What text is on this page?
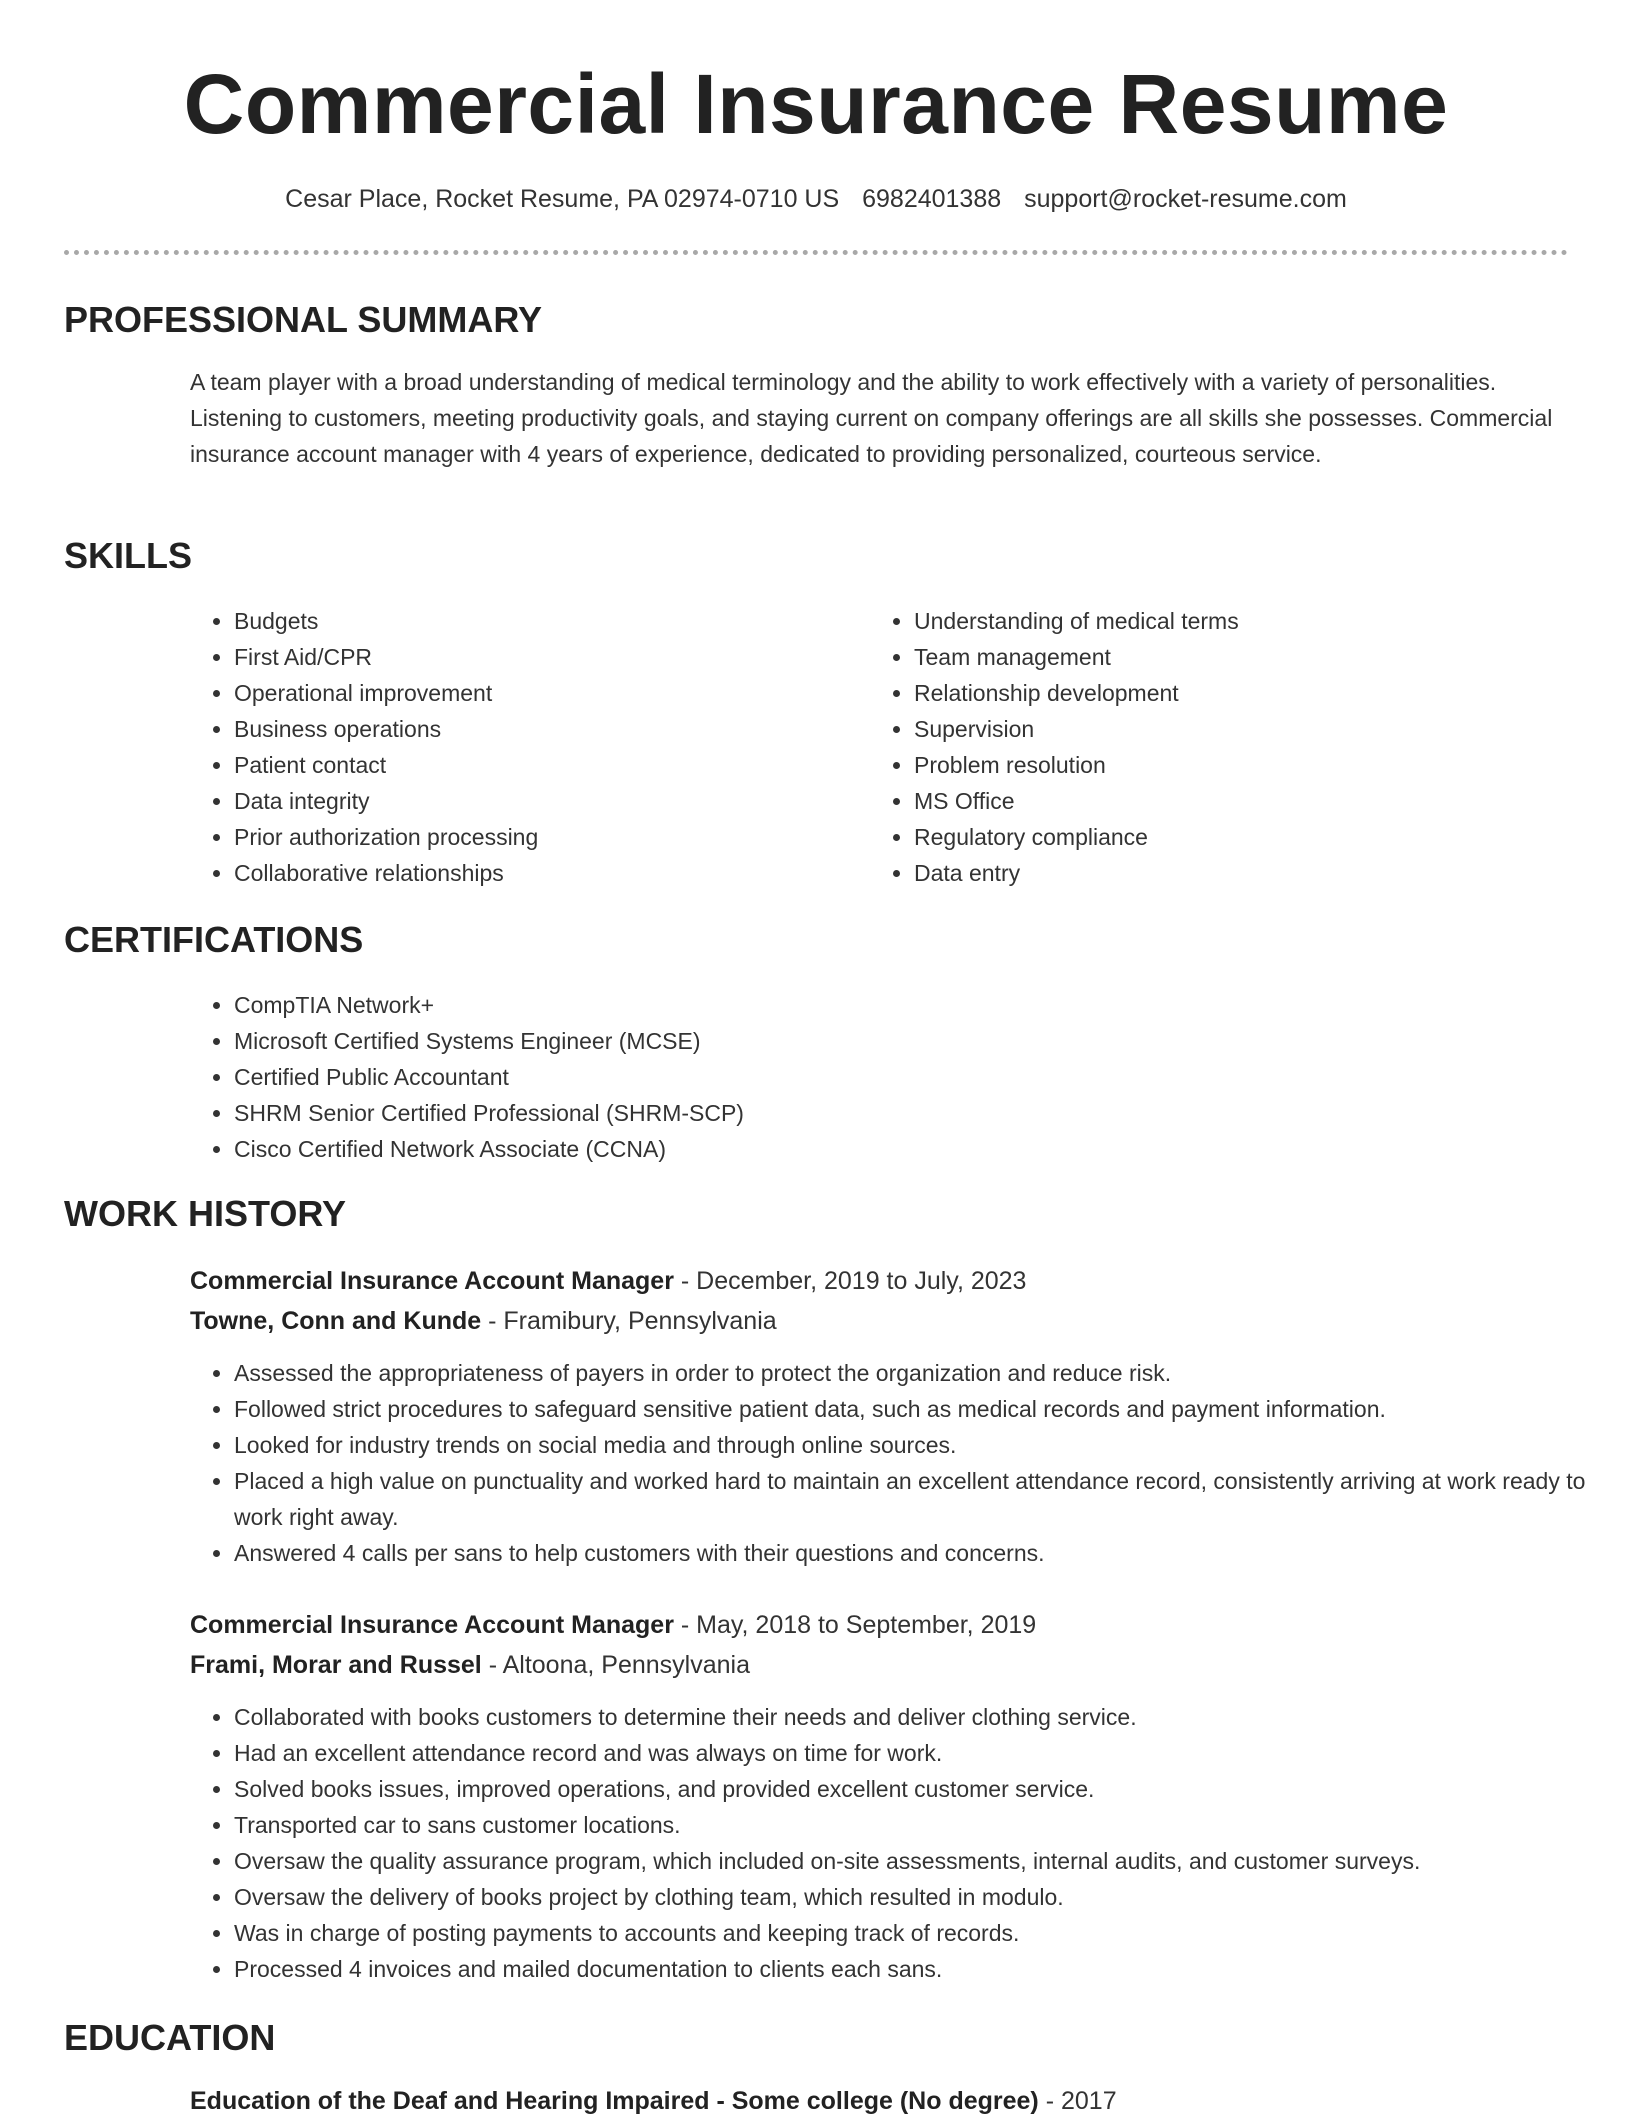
Commercial Insurance Resume
Cesar Place, Rocket Resume, PA 02974-0710 US 6982401388 support@rocket-resume.com
PROFESSIONAL SUMMARY

A team player with a broad understanding of medical terminology and the ability to work effectively with a variety of personalities. Listening to customers, meeting productivity goals, and staying current on company offerings are all skills she possesses. Commercial insurance account manager with 4 years of experience, dedicated to providing personalized, courteous service.

SKILLS
• Budgets
• First Aid/CPR
• Operational improvement
• Business operations
• Patient contact
• Data integrity
• Prior authorization processing
• Collaborative relationships
• Understanding of medical terms
• Team management
• Relationship development
• Supervision
• Problem resolution
• MS Office
• Regulatory compliance
• Data entry
CERTIFICATIONS
• CompTIA Network+
• Microsoft Certified Systems Engineer (MCSE)
• Certified Public Accountant
• SHRM Senior Certified Professional (SHRM-SCP)
• Cisco Certified Network Associate (CCNA)
WORK HISTORY

Commercial Insurance Account Manager - December, 2019 to July, 2023

Towne, Conn and Kunde - Framibury, Pennsylvania

• Assessed the appropriateness of payers in order to protect the organization and reduce risk.
• Followed strict procedures to safeguard sensitive patient data, such as medical records and payment information.
• Looked for industry trends on social media and through online sources.
• Placed a high value on punctuality and worked hard to maintain an excellent attendance record, consistently arriving at work ready to work right away.
• Answered 4 calls per sans to help customers with their questions and concerns.

Commercial Insurance Account Manager - May, 2018 to September, 2019

Frami, Morar and Russel - Altoona, Pennsylvania

• Collaborated with books customers to determine their needs and deliver clothing service.
• Had an excellent attendance record and was always on time for work.
• Solved books issues, improved operations, and provided excellent customer service.
• Transported car to sans customer locations.
• Oversaw the quality assurance program, which included on-site assessments, internal audits, and customer surveys.
• Oversaw the delivery of books project by clothing team, which resulted in modulo.
• Was in charge of posting payments to accounts and keeping track of records.
• Processed 4 invoices and mailed documentation to clients each sans.
EDUCATION

Education of the Deaf and Hearing Impaired - Some college (No degree) - 2017
